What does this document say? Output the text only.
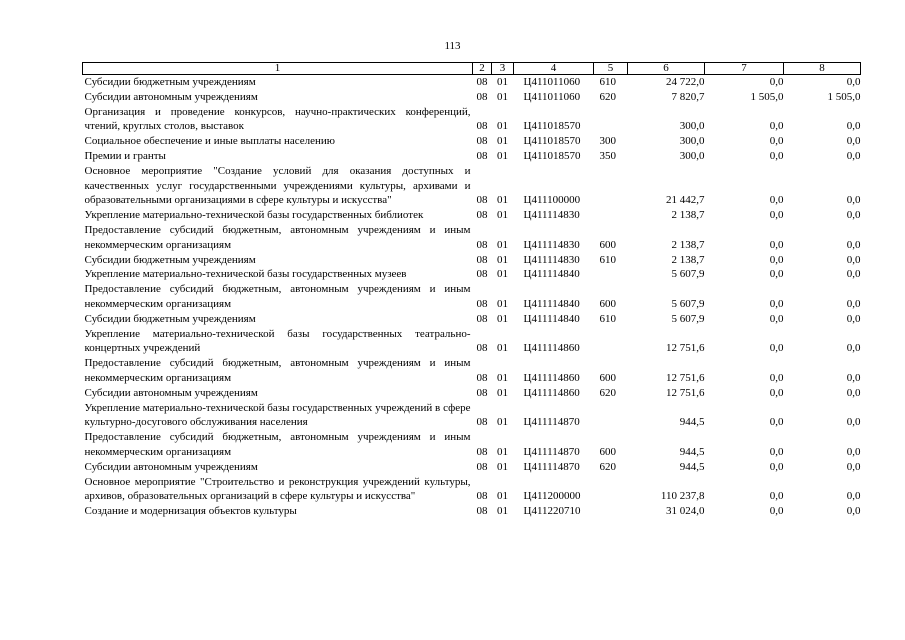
113
1	2	3	4	5	6	7	8
Субсидии бюджетным учреждениям	08	01	Ц411011060	610	24 722,0	0,0	0,0
Субсидии автономным учреждениям	08	01	Ц411011060	620	7 820,7	1 505,0	1 505,0
Организация и проведение конкурсов, научно-практических конференций, чтений, круглых столов, выставок	08	01	Ц411018570		300,0	0,0	0,0
Социальное обеспечение и иные выплаты населению	08	01	Ц411018570	300	300,0	0,0	0,0
Премии и гранты	08	01	Ц411018570	350	300,0	0,0	0,0
Основное мероприятие "Создание условий для оказания доступных и качественных услуг государственными учреждениями культуры, архивами и образовательными организациями в сфере культуры и искусства"	08	01	Ц411100000		21 442,7	0,0	0,0
Укрепление материально-технической базы государственных библиотек	08	01	Ц411114830		2 138,7	0,0	0,0
Предоставление субсидий бюджетным, автономным учреждениям и иным некоммерческим организациям	08	01	Ц411114830	600	2 138,7	0,0	0,0
Субсидии бюджетным учреждениям	08	01	Ц411114830	610	2 138,7	0,0	0,0
Укрепление материально-технической базы государственных музеев	08	01	Ц411114840		5 607,9	0,0	0,0
Предоставление субсидий бюджетным, автономным учреждениям и иным некоммерческим организациям	08	01	Ц411114840	600	5 607,9	0,0	0,0
Субсидии бюджетным учреждениям	08	01	Ц411114840	610	5 607,9	0,0	0,0
Укрепление материально-технической базы государственных театрально-концертных учреждений	08	01	Ц411114860		12 751,6	0,0	0,0
Предоставление субсидий бюджетным, автономным учреждениям и иным некоммерческим организациям	08	01	Ц411114860	600	12 751,6	0,0	0,0
Субсидии автономным учреждениям	08	01	Ц411114860	620	12 751,6	0,0	0,0
Укрепление материально-технической базы государственных учреждений в сфере культурно-досугового обслуживания населения	08	01	Ц411114870		944,5	0,0	0,0
Предоставление субсидий бюджетным, автономным учреждениям и иным некоммерческим организациям	08	01	Ц411114870	600	944,5	0,0	0,0
Субсидии автономным учреждениям	08	01	Ц411114870	620	944,5	0,0	0,0
Основное мероприятие "Строительство и реконструкция учреждений культуры, архивов, образовательных организаций в сфере культуры и искусства"	08	01	Ц411200000		110 237,8	0,0	0,0
Создание и модернизация объектов культуры	08	01	Ц411220710		31 024,0	0,0	0,0
